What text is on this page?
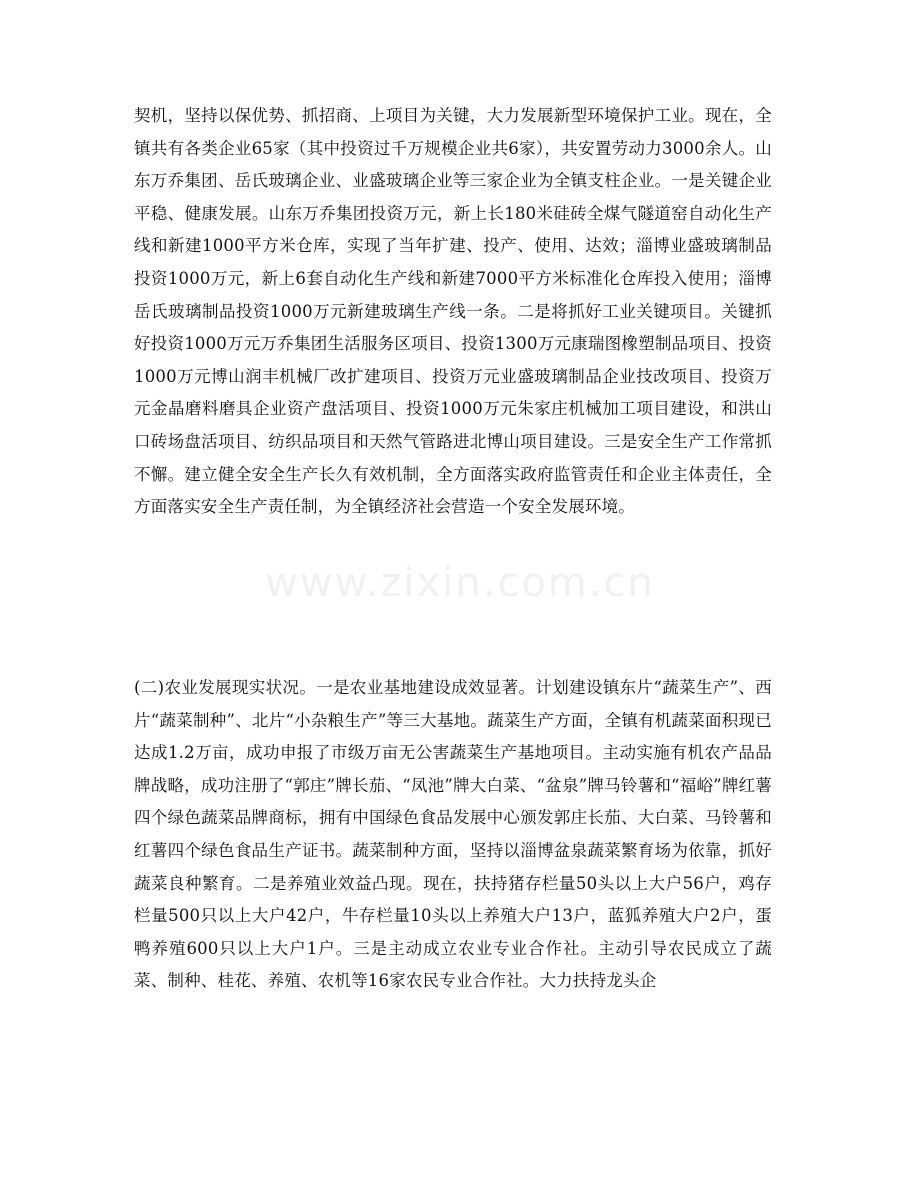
契机，坚持以保优势、抓招商、上项目为关键，大力发展新型环境保护工业。现在，全镇共有各类企业65家（其中投资过千万规模企业共6家），共安置劳动力3000余人。山东万乔集团、岳氏玻璃企业、业盛玻璃企业等三家企业为全镇支柱企业。一是关键企业平稳、健康发展。山东万乔集团投资万元，新上长180米硅砖全煤气隧道窑自动化生产线和新建1000平方米仓库，实现了当年扩建、投产、使用、达效；淄博业盛玻璃制品投资1000万元，新上6套自动化生产线和新建7000平方米标准化仓库投入使用；淄博岳氏玻璃制品投资1000万元新建玻璃生产线一条。二是将抓好工业关键项目。关键抓好投资1000万元万乔集团生活服务区项目、投资1300万元康瑞图橡塑制品项目、投资1000万元博山润丰机械厂改扩建项目、投资万元业盛玻璃制品企业技改项目、投资万元金晶磨料磨具企业资产盘活项目、投资1000万元朱家庄机械加工项目建设，和洪山口砖场盘活项目、纺织品项目和天然气管路进北博山项目建设。三是安全生产工作常抓不懈。建立健全安全生产长久有效机制，全方面落实政府监管责任和企业主体责任，全方面落实安全生产责任制，为全镇经济社会营造一个安全发展环境。

www.zixin.com.cn

(二)农业发展现实状况。一是农业基地建设成效显著。计划建设镇东片“蔬菜生产”、西片“蔬菜制种”、北片“小杂粮生产”等三大基地。蔬菜生产方面，全镇有机蔬菜面积现已达成1.2万亩，成功申报了市级万亩无公害蔬菜生产基地项目。主动实施有机农产品品牌战略，成功注册了“郭庄”牌长茄、“凤池”牌大白菜、“盆泉”牌马铃薯和“福峪”牌红薯四个绿色蔬菜品牌商标，拥有中国绿色食品发展中心颁发郭庄长茄、大白菜、马铃薯和红薯四个绿色食品生产证书。蔬菜制种方面，坚持以淄博盆泉蔬菜繁育场为依靠，抓好蔬菜良种繁育。二是养殖业效益凸现。现在，扶持猪存栏量50头以上大户56户，鸡存栏量500只以上大户42户，牛存栏量10头以上养殖大户13户，蓝狐养殖大户2户，蛋鸭养殖600只以上大户1户。三是主动成立农业专业合作社。主动引导农民成立了蔬菜、制种、桂花、养殖、农机等16家农民专业合作社。大力扶持龙头企
